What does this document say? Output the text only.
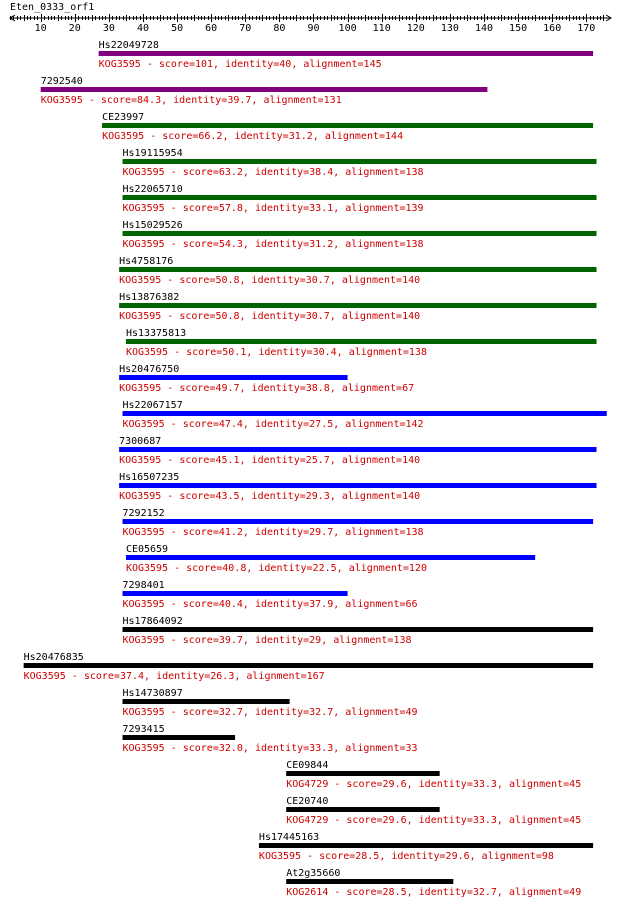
Eten_0333_orf1
10 20 30 40 50 60 70 80 90 100 110 120 130 140 150 160 170
Hs22049728
KOG3595 - score=101, identity=40, alignment=145
7292540
KOG3595 - score=84.3, identity=39.7, alignment=131
CE23997
KOG3595 - score=66.2, identity=31.2, alignment=144
Hs19115954
KOG3595 - score=63.2, identity=38.4, alignment=138
Hs22065710
KOG3595 - score=57.8, identity=33.1, alignment=139
Hs15029526
KOG3595 - score=54.3, identity=31.2, alignment=138
Hs4758176
KOG3595 - score=50.8, identity=30.7, alignment=140
Hs13876382
KOG3595 - score=50.8, identity=30.7, alignment=140
Hs13375813
KOG3595 - score=50.1, identity=30.4, alignment=138
Hs20476750
KOG3595 - score=49.7, identity=38.8, alignment=67
Hs22067157
KOG3595 - score=47.4, identity=27.5, alignment=142
7300687
KOG3595 - score=45.1, identity=25.7, alignment=140
Hs16507235
KOG3595 - score=43.5, identity=29.3, alignment=140
7292152
KOG3595 - score=41.2, identity=29.7, alignment=138
CE05659
KOG3595 - score=40.8, identity=22.5, alignment=120
7298401
KOG3595 - score=40.4, identity=37.9, alignment=66
Hs17864092
KOG3595 - score=39.7, identity=29, alignment=138
Hs20476835
KOG3595 - score=37.4, identity=26.3, alignment=167
Hs14730897
KOG3595 - score=32.7, identity=32.7, alignment=49
7293415
KOG3595 - score=32.0, identity=33.3, alignment=33
CE09844
KOG4729 - score=29.6, identity=33.3, alignment=45
CE20740
KOG4729 - score=29.6, identity=33.3, alignment=45
Hs17445163
KOG3595 - score=28.5, identity=29.6, alignment=98
At2g35660
KOG2614 - score=28.5, identity=32.7, alignment=49
